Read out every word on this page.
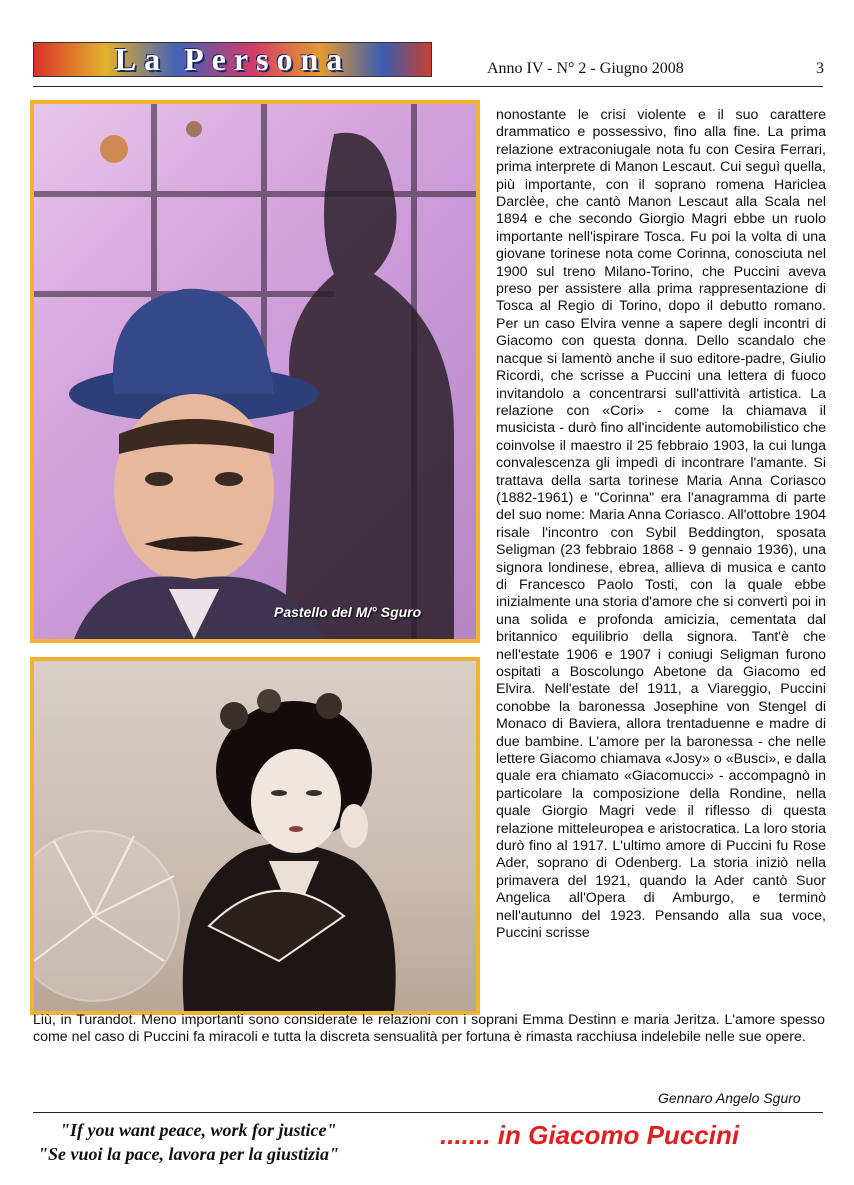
La Persona	Anno IV - N° 2 - Giugno 2008	3
Pastello del M/° Sguro
nonostante le crisi violente e il suo carattere drammatico e possessivo, fino alla fine. La prima relazione extraconiugale nota fu con Cesira Ferrari, prima interprete di Manon Lescaut. Cui seguì quella, più importante, con il soprano romena Hariclea Darclèe, che cantò Manon Lescaut alla Scala nel 1894 e che secondo Giorgio Magri ebbe un ruolo importante nell'ispirare Tosca. Fu poi la volta di una giovane torinese nota come Corinna, conosciuta nel 1900 sul treno Milano-Torino, che Puccini aveva preso per assistere alla prima rappresentazione di Tosca al Regio di Torino, dopo il debutto romano. Per un caso Elvira venne a sapere degli incontri di Giacomo con questa donna. Dello scandalo che nacque si lamentò anche il suo editore-padre, Giulio Ricordi, che scrisse a Puccini una lettera di fuoco invitandolo a concentrarsi sull'attività artistica. La relazione con «Cori» - come la chiamava il musicista - durò fino all'incidente automobilistico che coinvolse il maestro il 25 febbraio 1903, la cui lunga convalescenza gli impedì di incontrare l'amante. Si trattava della sarta torinese Maria Anna Coriasco (1882-1961) e "Corinna" era l'anagramma di parte del suo nome: Maria Anna Coriasco. All'ottobre 1904 risale l'incontro con Sybil Beddington, sposata Seligman (23 febbraio 1868 - 9 gennaio 1936), una signora londinese, ebrea, allieva di musica e canto di Francesco Paolo Tosti, con la quale ebbe inizialmente una storia d'amore che si convertì poi in una solida e profonda amicizia, cementata dal britannico equilibrio della signora. Tant'è che nell'estate 1906 e 1907 i coniugi Seligman furono ospitati a Boscolungo Abetone da Giacomo ed Elvira. Nell'estate del 1911, a Viareggio, Puccini conobbe la baronessa Josephine von Stengel di Monaco di Baviera, allora trentaduenne e madre di due bambine. L'amore per la baronessa - che nelle lettere Giacomo chiamava «Josy» o «Busci», e dalla quale era chiamato «Giacomucci» - accompagnò in particolare la composizione della Rondine, nella quale Giorgio Magri vede il riflesso di questa relazione mitteleuropea e aristocratica. La loro storia durò fino al 1917. L'ultimo amore di Puccini fu Rose Ader, soprano di Odenberg. La storia iniziò nella primavera del 1921, quando la Ader cantò Suor Angelica all'Opera di Amburgo, e terminò nell'autunno del 1923. Pensando alla sua voce, Puccini scrisse
Liù, in Turandot. Meno importanti sono considerate le relazioni con i soprani Emma Destinn e maria Jeritza. L'amore spesso come nel caso di Puccini fa miracoli e tutta la discreta sensualità per fortuna è rimasta racchiusa indelebile nelle sue opere.
Gennaro Angelo Sguro
"If you want peace, work for justice"
"Se vuoi la pace, lavora per la giustizia"
....... in Giacomo Puccini
